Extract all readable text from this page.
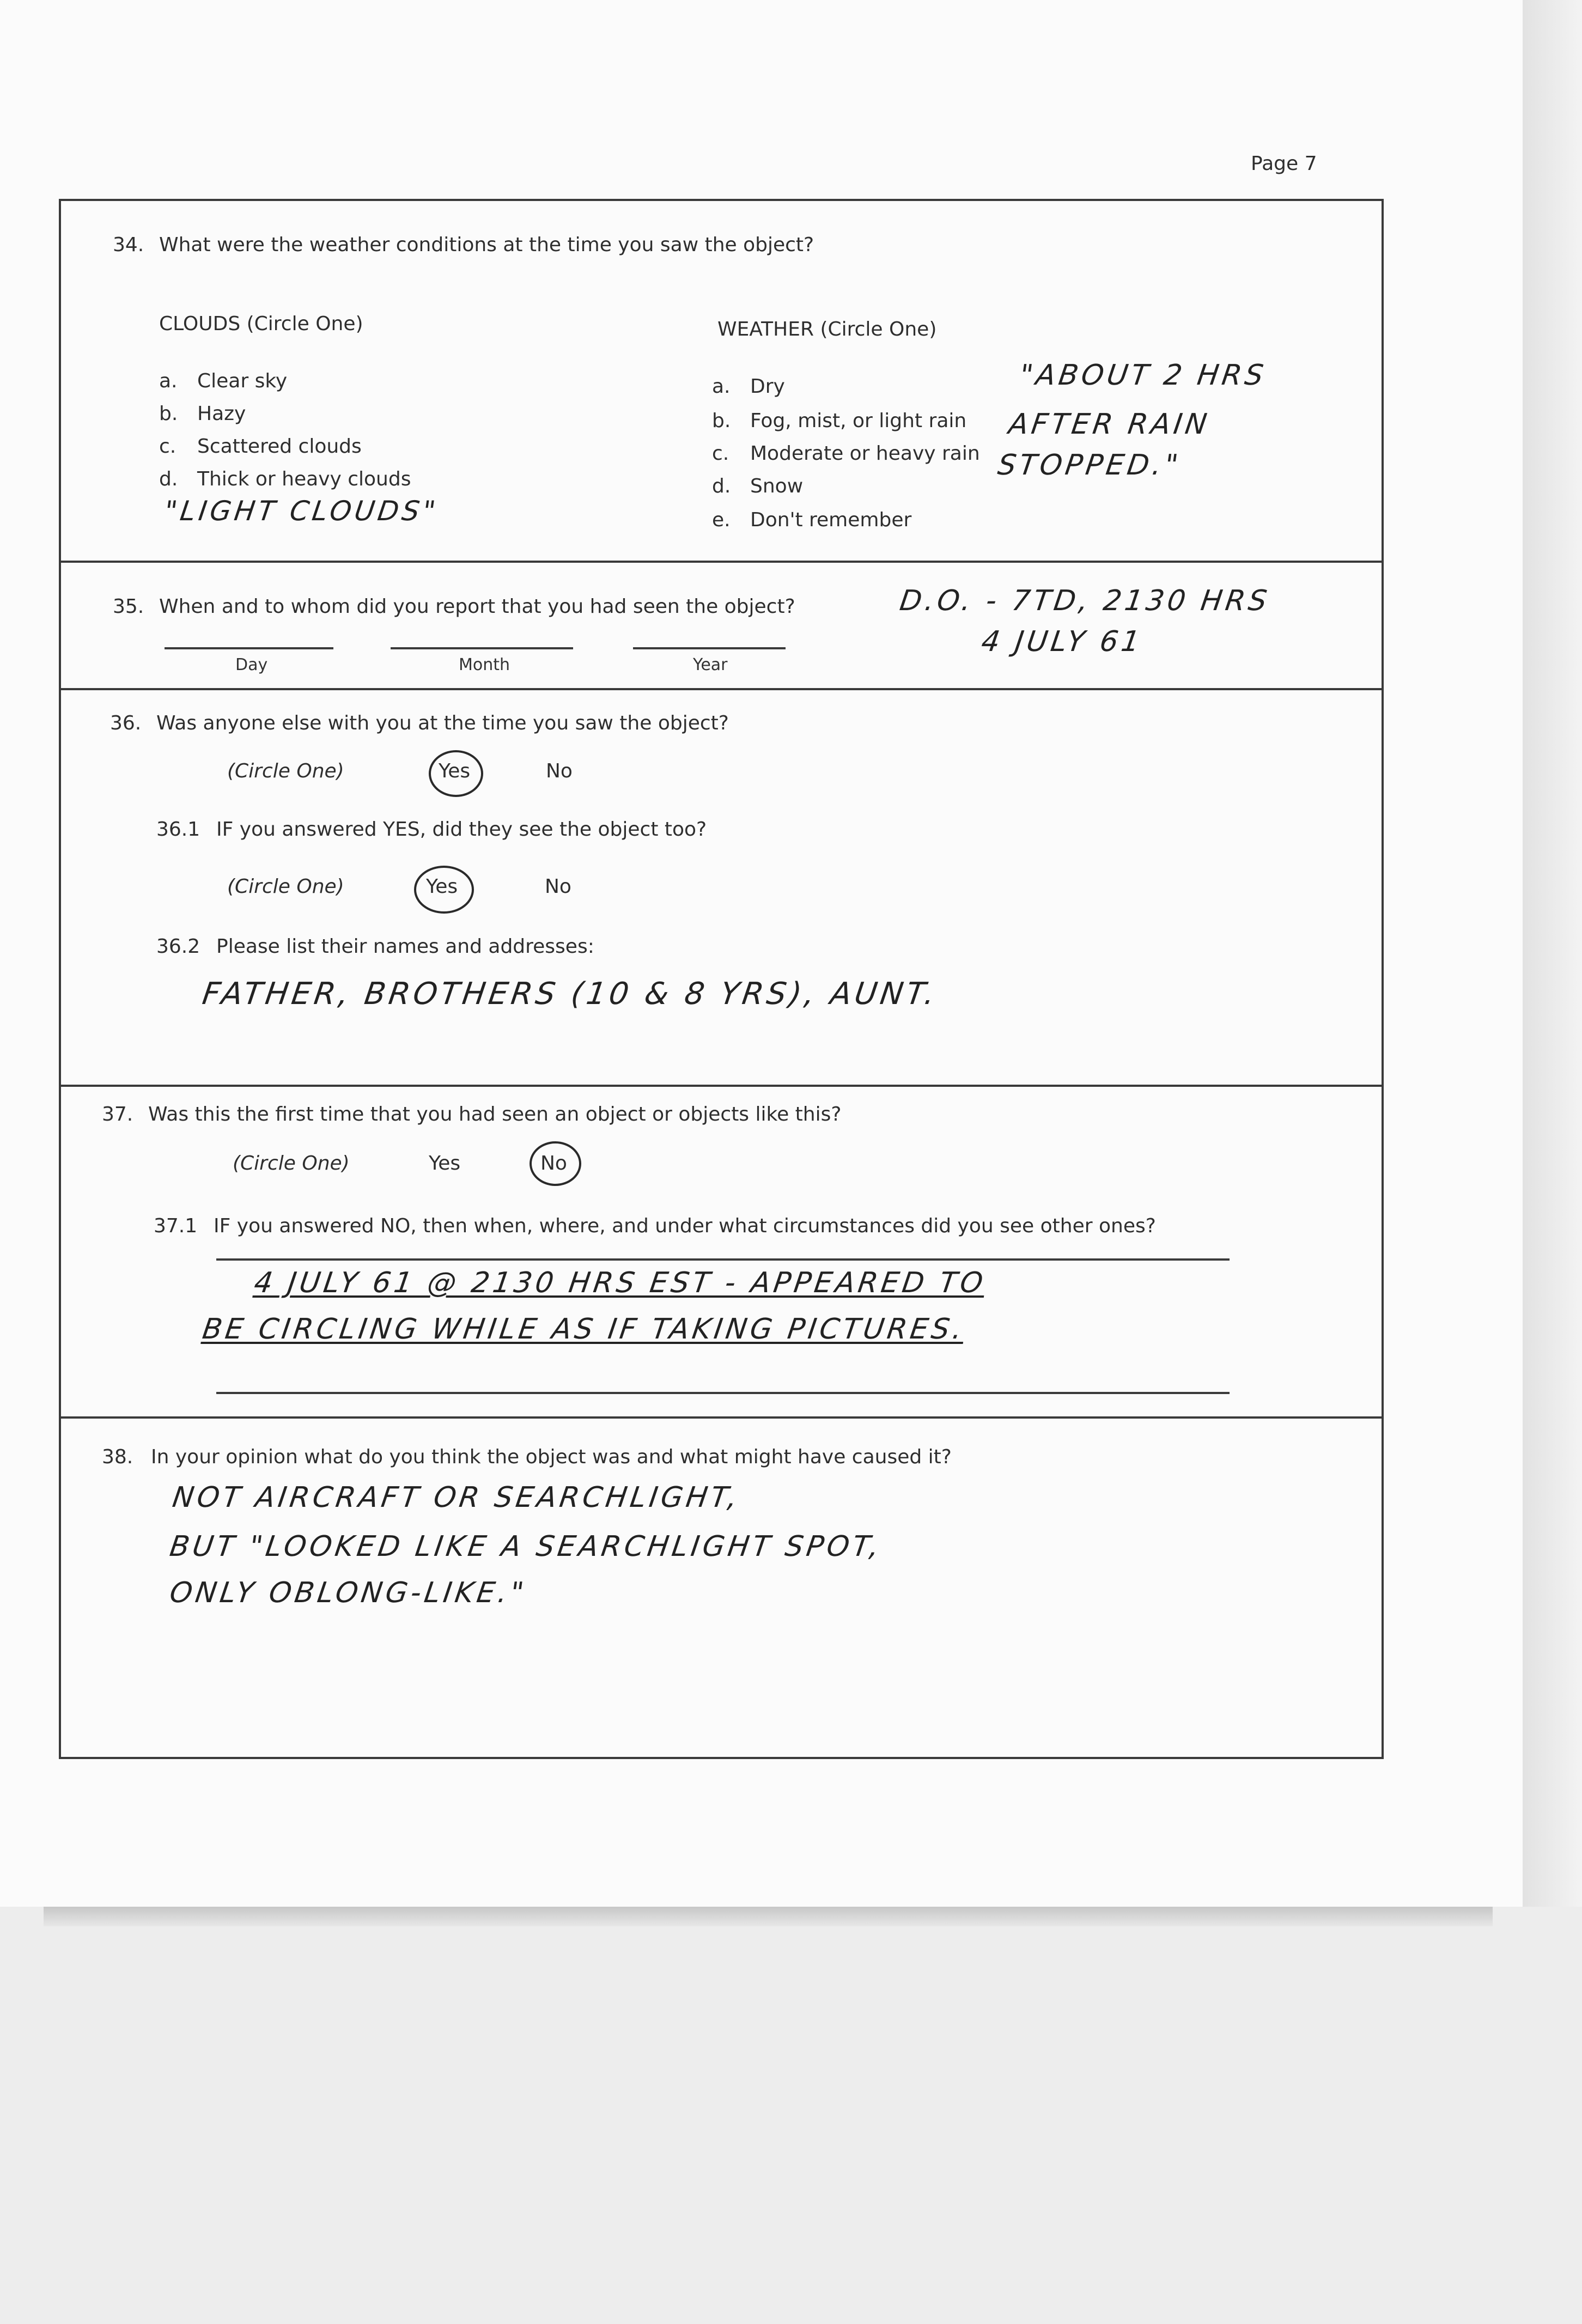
Page 7
34. What were the weather conditions at the time you saw the object?
CLOUDS (Circle One)
a. Clear sky
b. Hazy
c. Scattered clouds
d. Thick or heavy clouds
"LIGHT CLOUDS"
WEATHER (Circle One)
a. Dry
b. Fog, mist, or light rain
c. Moderate or heavy rain
d. Snow
e. Don't remember
"ABOUT 2 HRS
AFTER RAIN
STOPPED."
35. When and to whom did you report that you had seen the object?	D.O. - 7TD, 2130 HRS
4 JULY 61
Day	Month	Year
36. Was anyone else with you at the time you saw the object?
(Circle One)	Yes	No
36.1 IF you answered YES, did they see the object too?
(Circle One)	Yes	No
36.2 Please list their names and addresses:
FATHER, BROTHERS (10 & 8 YRS), AUNT.
37. Was this the first time that you had seen an object or objects like this?
(Circle One)	Yes	No
37.1 IF you answered NO, then when, where, and under what circumstances did you see other ones?
4 JULY 61 @ 2130 HRS EST - APPEARED TO
BE CIRCLING WHILE AS IF TAKING PICTURES.
38. In your opinion what do you think the object was and what might have caused it?
NOT AIRCRAFT OR SEARCHLIGHT,
BUT "LOOKED LIKE A SEARCHLIGHT SPOT,
ONLY OBLONG-LIKE."
